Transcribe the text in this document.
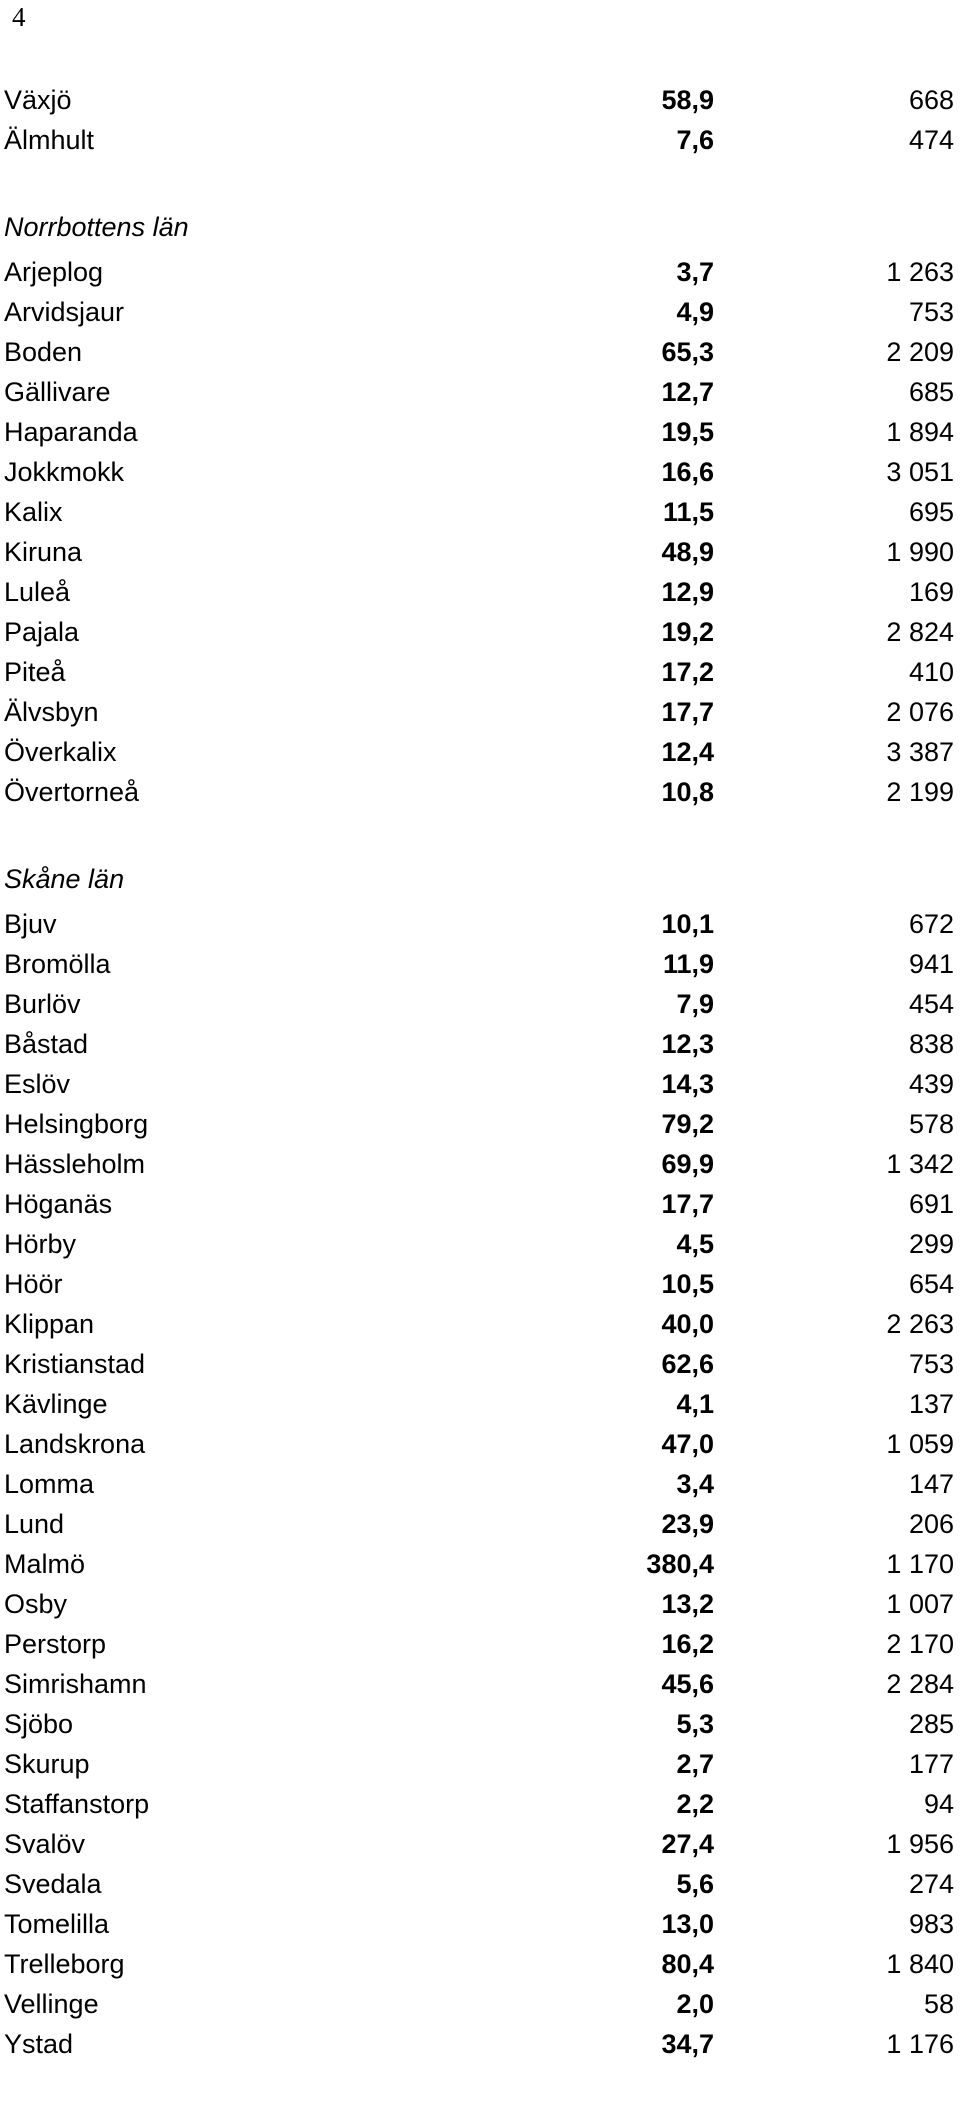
4
Växjö	58,9	668
Älmhult	7,6	474
Norrbottens län
Arjeplog	3,7	1 263
Arvidsjaur	4,9	753
Boden	65,3	2 209
Gällivare	12,7	685
Haparanda	19,5	1 894
Jokkmokk	16,6	3 051
Kalix	11,5	695
Kiruna	48,9	1 990
Luleå	12,9	169
Pajala	19,2	2 824
Piteå	17,2	410
Älvsbyn	17,7	2 076
Överkalix	12,4	3 387
Övertorneå	10,8	2 199
Skåne län
Bjuv	10,1	672
Bromölla	11,9	941
Burlöv	7,9	454
Båstad	12,3	838
Eslöv	14,3	439
Helsingborg	79,2	578
Hässleholm	69,9	1 342
Höganäs	17,7	691
Hörby	4,5	299
Höör	10,5	654
Klippan	40,0	2 263
Kristianstad	62,6	753
Kävlinge	4,1	137
Landskrona	47,0	1 059
Lomma	3,4	147
Lund	23,9	206
Malmö	380,4	1 170
Osby	13,2	1 007
Perstorp	16,2	2 170
Simrishamn	45,6	2 284
Sjöbo	5,3	285
Skurup	2,7	177
Staffanstorp	2,2	94
Svalöv	27,4	1 956
Svedala	5,6	274
Tomelilla	13,0	983
Trelleborg	80,4	1 840
Vellinge	2,0	58
Ystad	34,7	1 176
